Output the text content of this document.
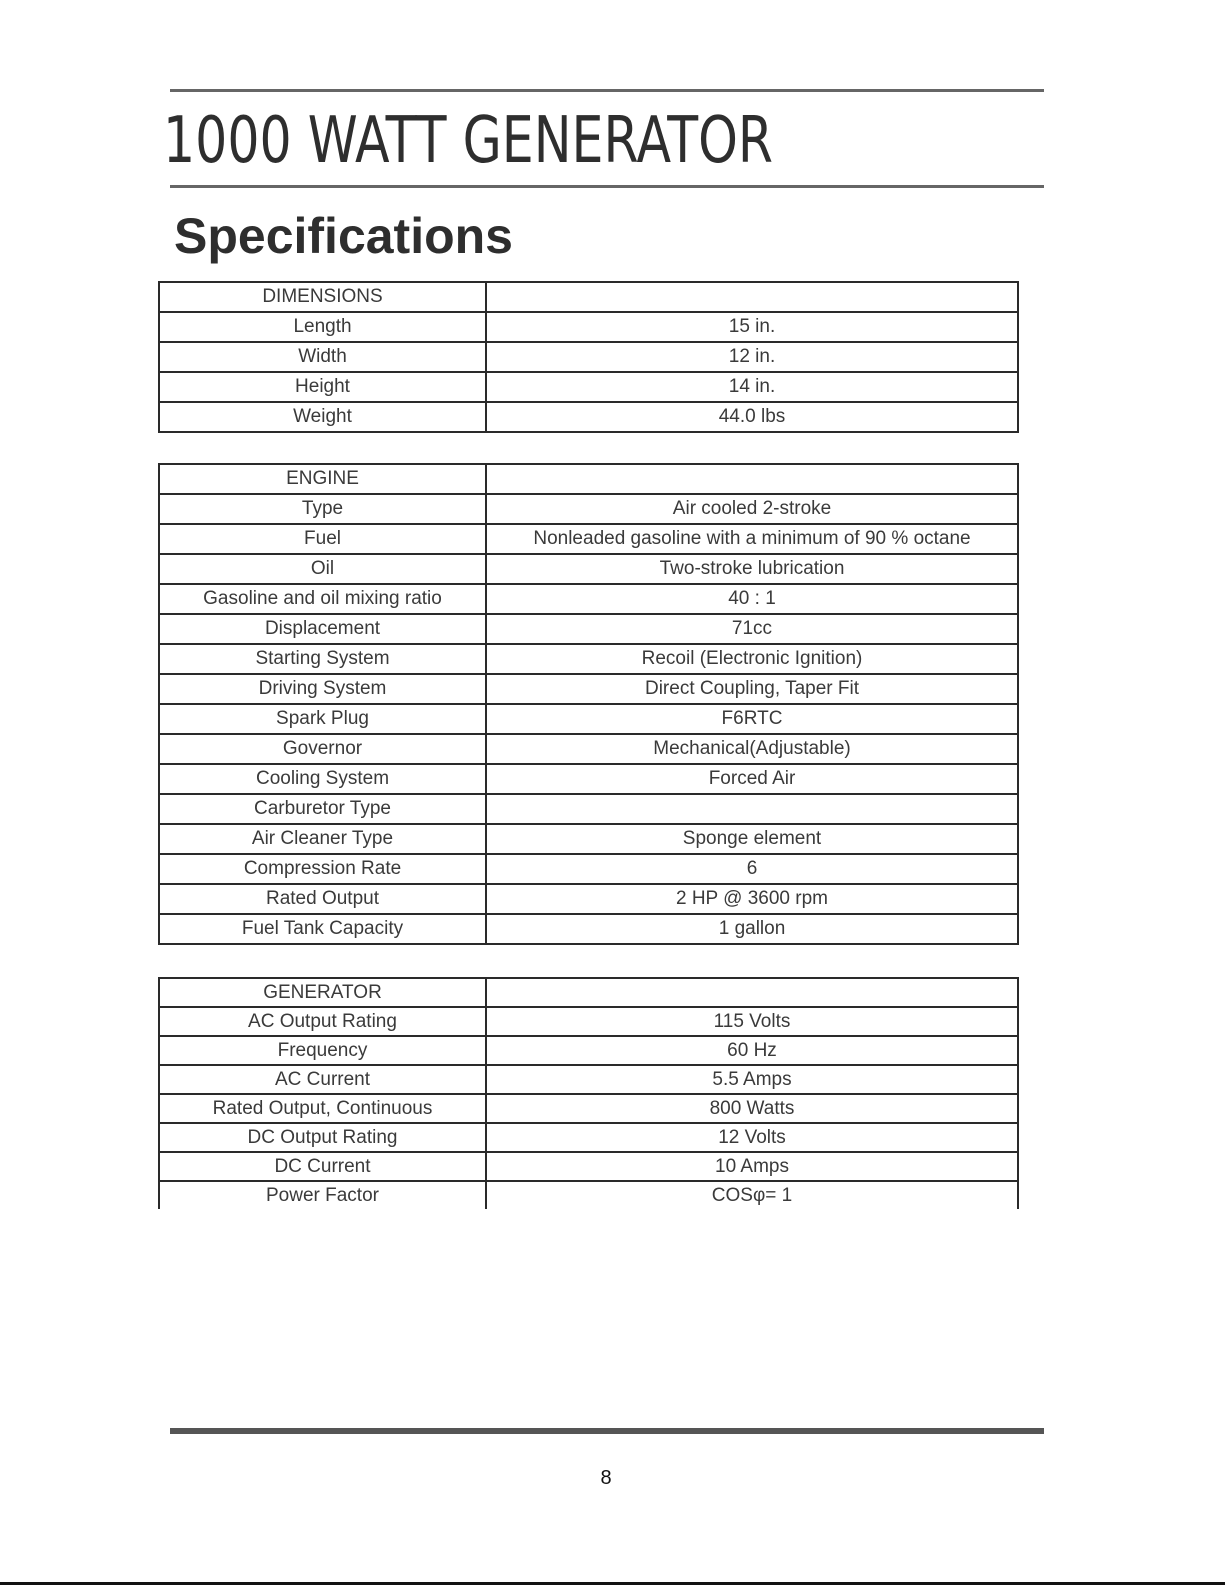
1000 WATT GENERATOR
Specifications
DIMENSIONS	
Length	15 in.
Width	12 in.
Height	14 in.
Weight	44.0 lbs
ENGINE	
Type	Air cooled 2-stroke
Fuel	Nonleaded gasoline with a minimum of 90 % octane
Oil	Two-stroke lubrication
Gasoline and oil mixing ratio	40 : 1
Displacement	71cc
Starting System	Recoil (Electronic Ignition)
Driving System	Direct Coupling, Taper Fit
Spark Plug	F6RTC
Governor	Mechanical(Adjustable)
Cooling System	Forced Air
Carburetor Type	
Air Cleaner Type	Sponge element
Compression Rate	6
Rated Output	2 HP @ 3600 rpm
Fuel Tank Capacity	1 gallon
GENERATOR	
AC Output Rating	115 Volts
Frequency	60 Hz
AC Current	5.5 Amps
Rated Output, Continuous	800 Watts
DC Output Rating	12 Volts
DC Current	10 Amps
Power Factor	COSφ= 1
8
